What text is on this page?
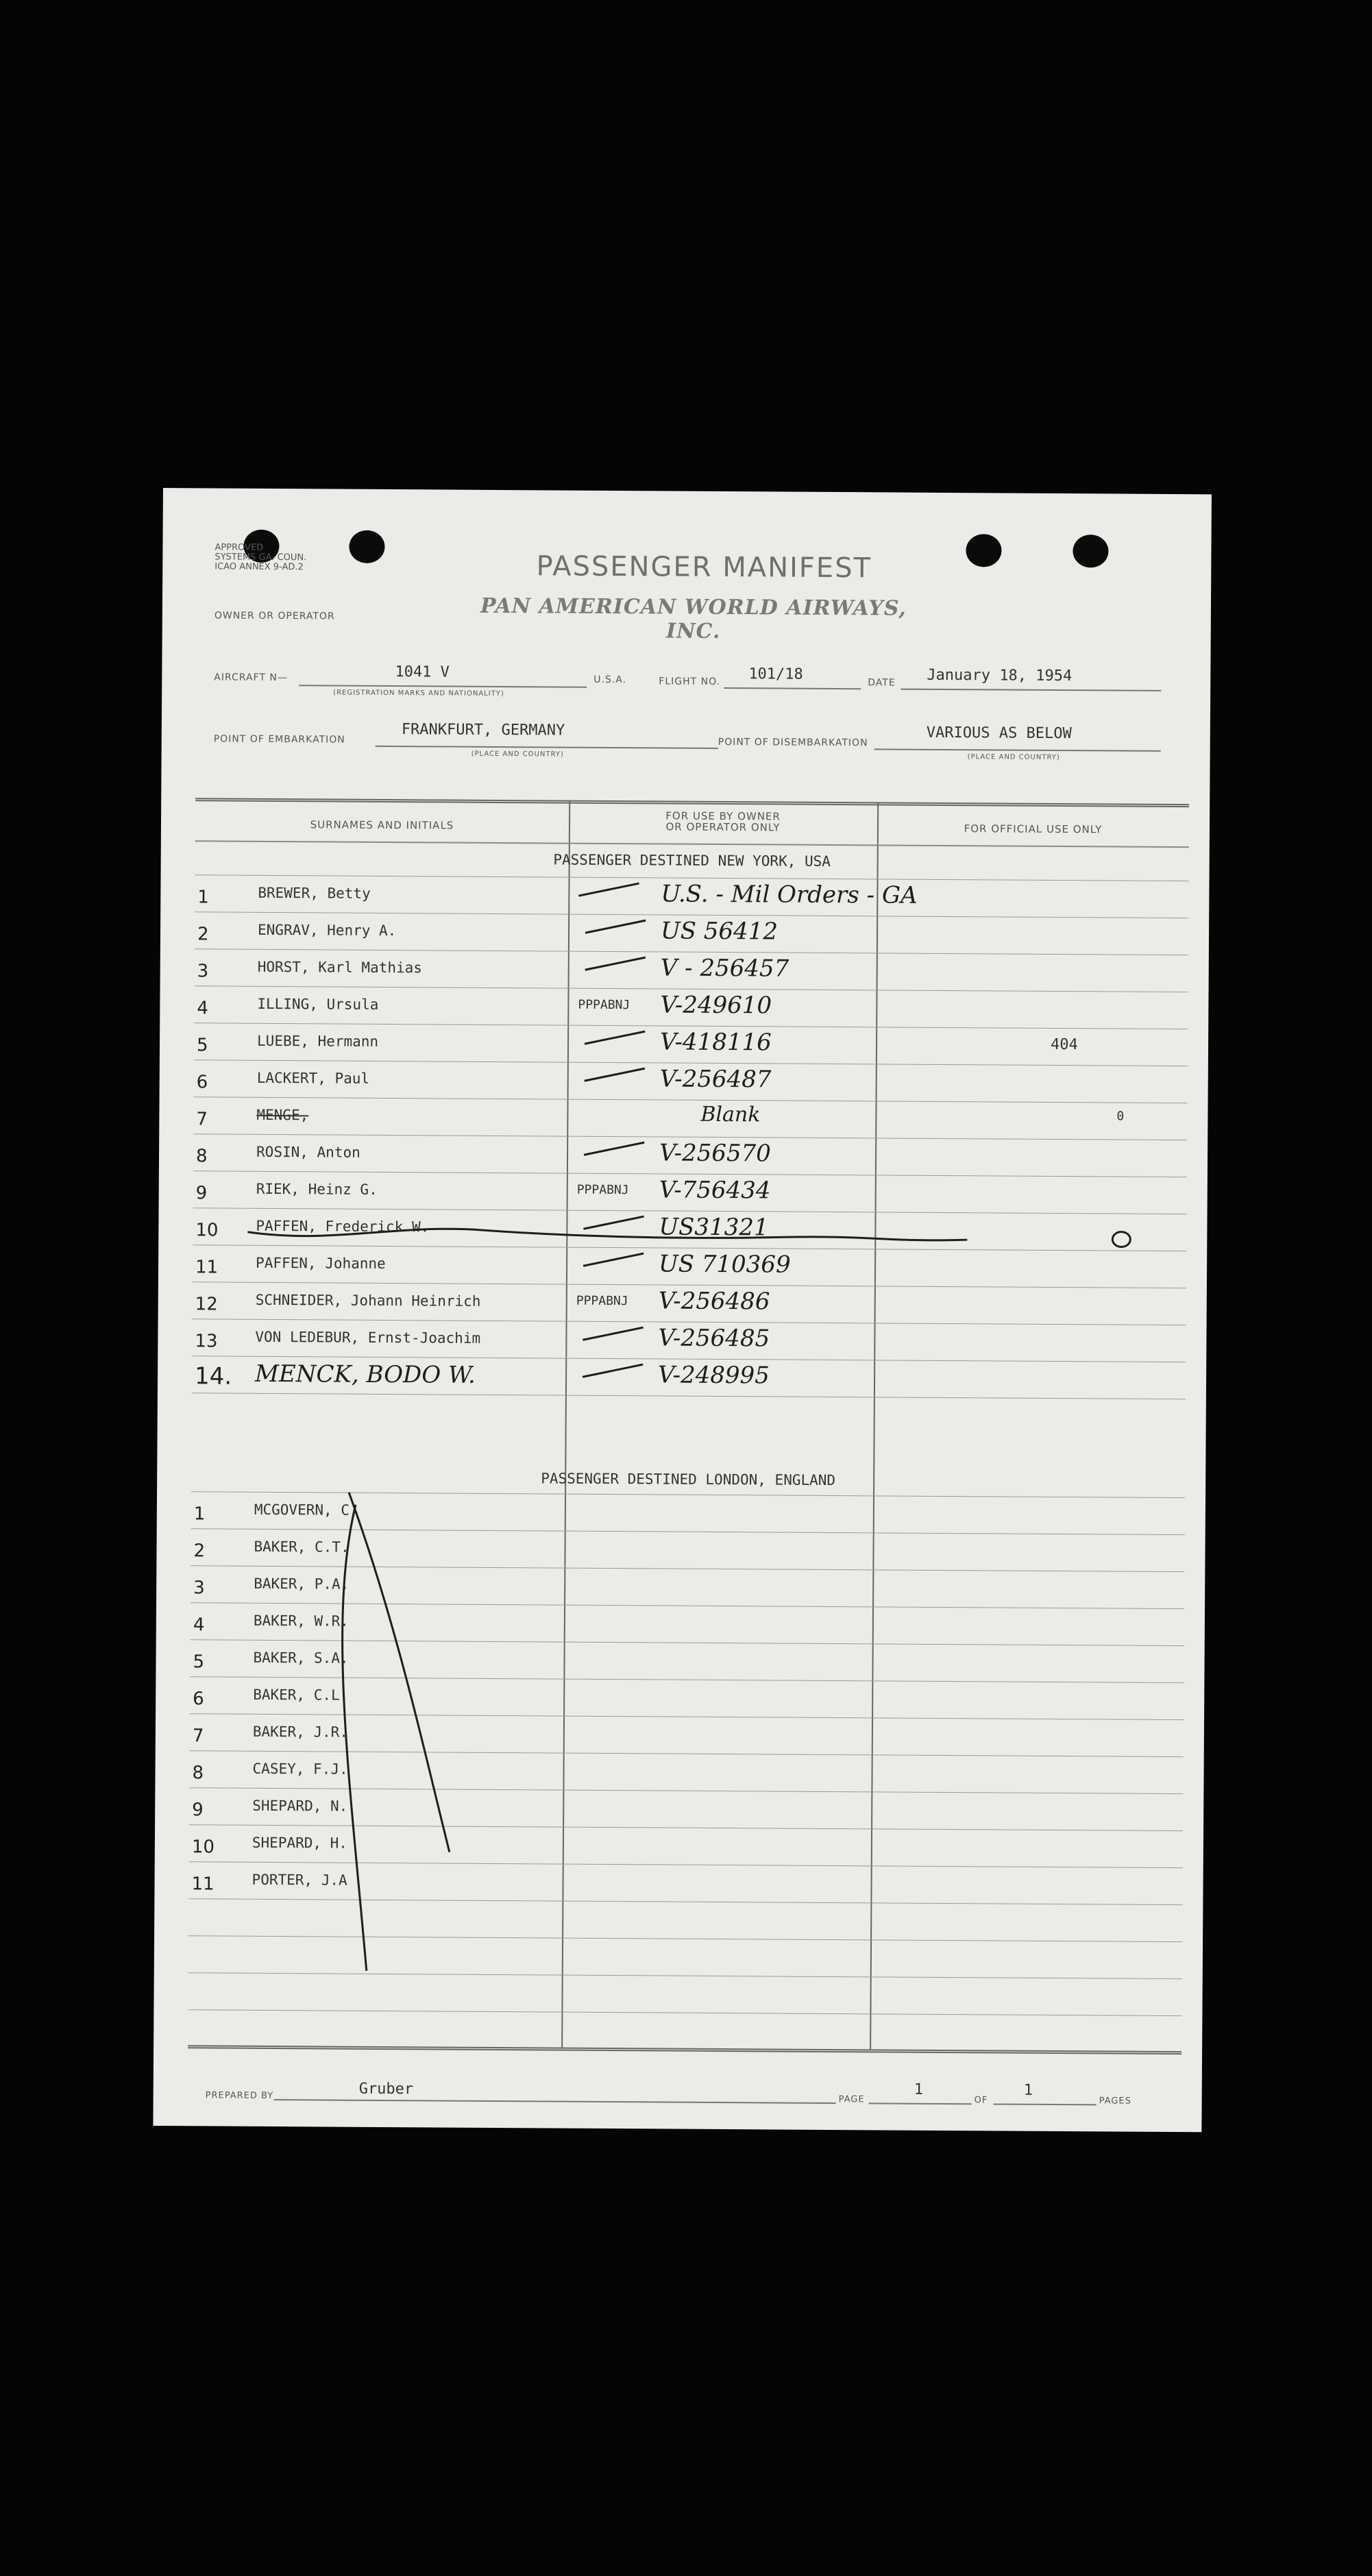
APPROVED
SYSTEMS GA. COUN.
ICAO ANNEX 9-AD.2	PASSENGER MANIFEST
OWNER OR OPERATOR	PAN AMERICAN WORLD AIRWAYS, INC.
AIRCRAFT N—	1041 V
(REGISTRATION MARKS AND NATIONALITY)
U.S.A.	FLIGHT NO. 101/18	DATE January 18, 1954
POINT OF EMBARKATION
FRANKFURT, GERMANY
(PLACE AND COUNTRY)
POINT OF DISEMBARKATION
VARIOUS AS BELOW
(PLACE AND COUNTRY)
SURNAMES AND INITIALS
FOR USE BY OWNER
OR OPERATOR ONLY	FOR OFFICIAL USE ONLY
PASSENGER DESTINED NEW YORK, USA
1	BREWER, Betty	U.S. - Mil Orders - GA
2	ENGRAV, Henry A.	US 56412
3	HORST, Karl Mathias	V - 256457
4	ILLING, Ursula	PPPABNJ V-249610
5	LUEBE, Hermann	V-418116	404
6	LACKERT, Paul	V-256487
7	MENGE,	Blank	0
8	ROSIN, Anton	V-256570
9	RIEK, Heinz G.	PPPABNJ V-756434
10	PAFFEN, Frederick W.	US31321
11	PAFFEN, Johanne	US 710369
12	SCHNEIDER, Johann Heinrich	PPPABNJ V-256486
13	VON LEDEBUR, Ernst-Joachim	V-256485
14. MENCK, BODO W.	V-248995
PASSENGER DESTINED LONDON, ENGLAND
1	MCGOVERN, C.
2	BAKER, C.T.
3	BAKER, P.A.
4	BAKER, W.R.
5	BAKER, S.A.
6	BAKER, C.L.
7	BAKER, J.R.
8	CASEY, F.J.
9	SHEPARD, N.
10	SHEPARD, H.
11	PORTER, J.A
PREPARED BY	Gruber
PAGE
1
OF
1
PAGES
